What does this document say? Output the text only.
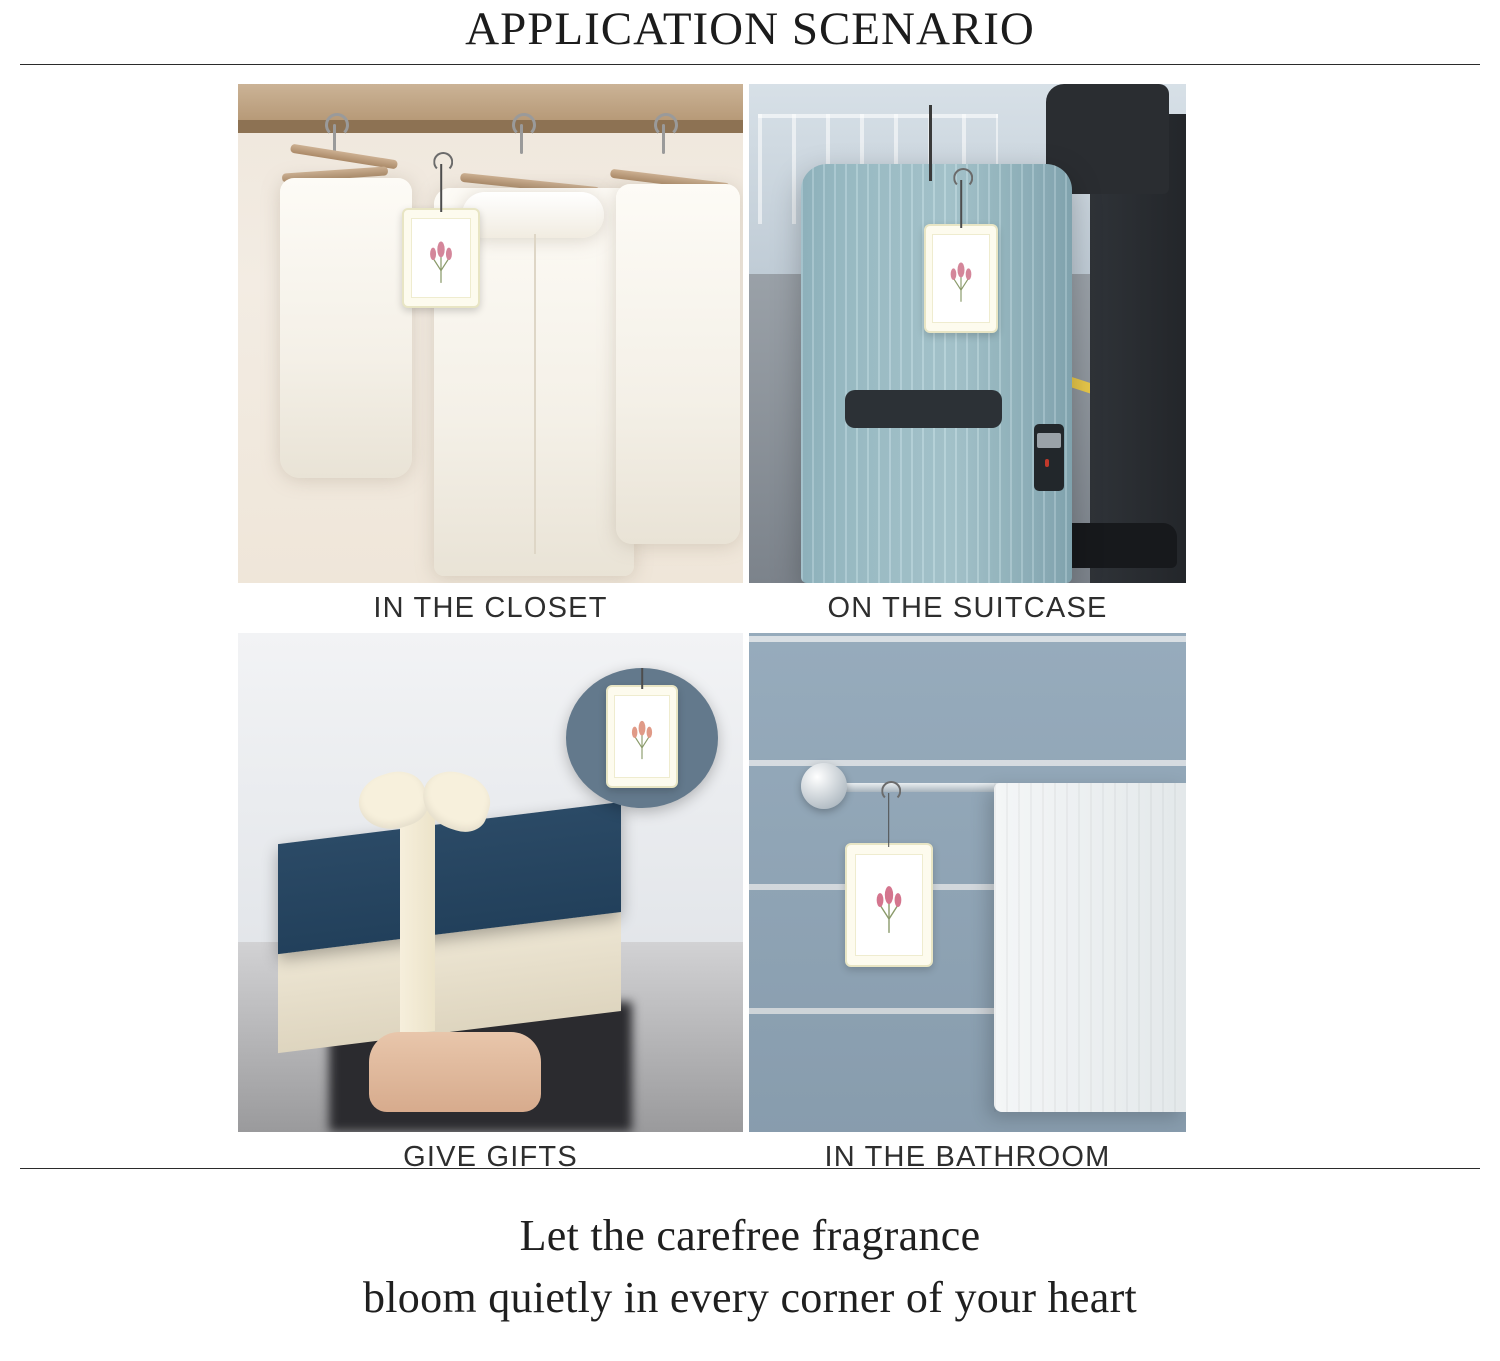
APPLICATION SCENARIO
IN THE CLOSET	ON THE SUITCASE
GIVE GIFTS	IN THE BATHROOM
Let the carefree fragrance
bloom quietly in every corner of your heart
